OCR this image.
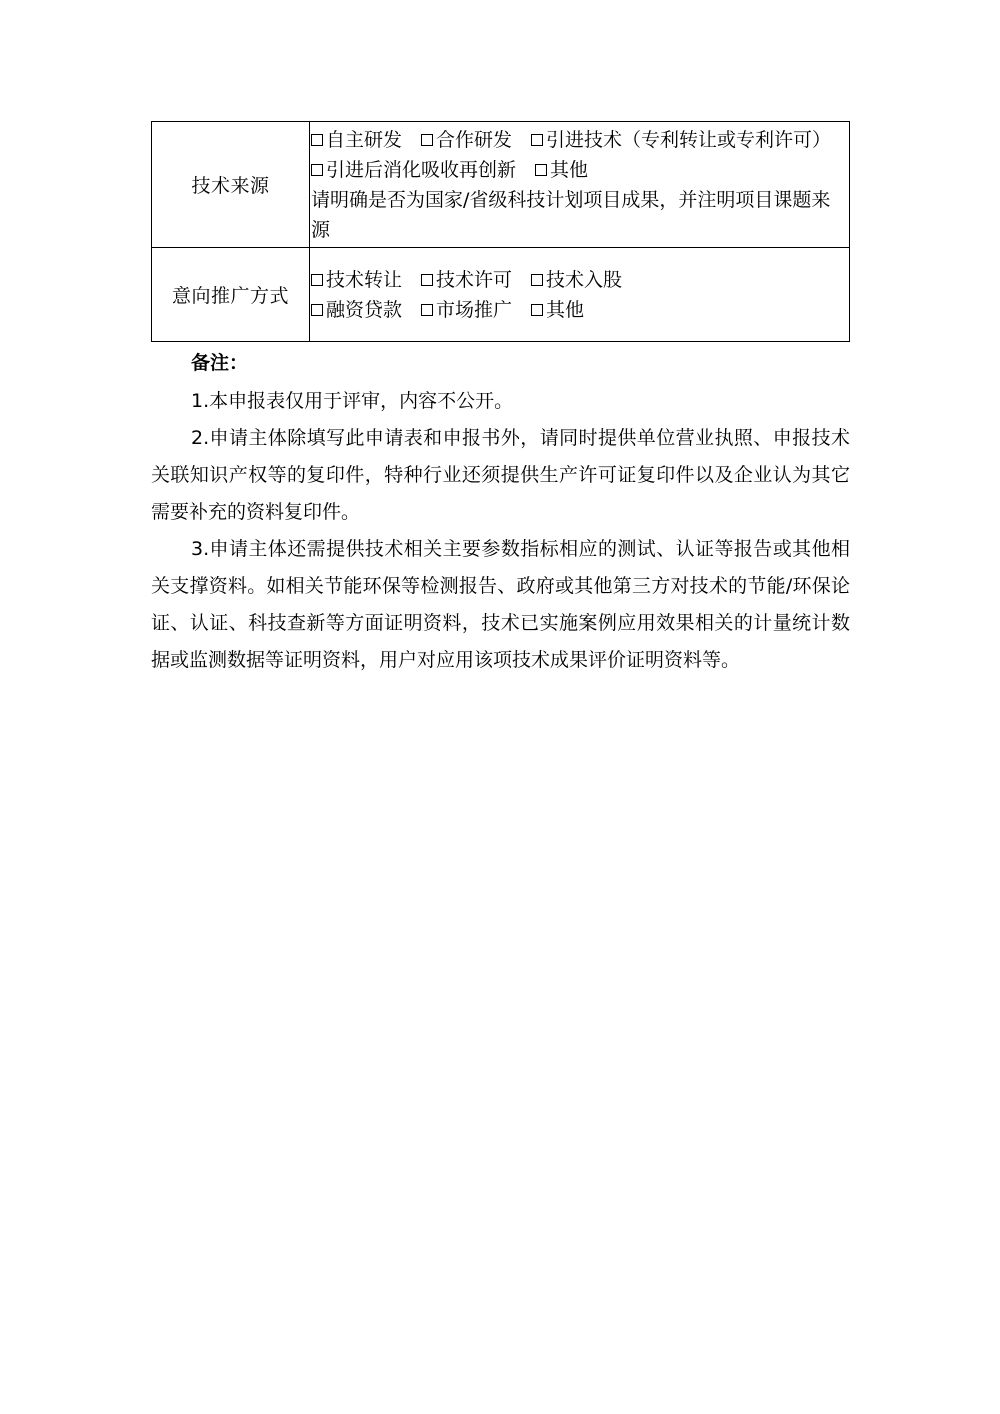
技术来源	自主研发 合作研发 引进技术（专利转让或专利许可）
引进后消化吸收再创新 其他
请明确是否为国家/省级科技计划项目成果，并注明项目课题来源

意向推广方式	技术转让 技术许可 技术入股
融资贷款 市场推广 其他
备注：

1.本申报表仅用于评审，内容不公开。

2.申请主体除填写此申请表和申报书外，请同时提供单位营业执照、申报技术关联知识产权等的复印件，特种行业还须提供生产许可证复印件以及企业认为其它需要补充的资料复印件。

3.申请主体还需提供技术相关主要参数指标相应的测试、认证等报告或其他相关支撑资料。如相关节能环保等检测报告、政府或其他第三方对技术的节能/环保论证、认证、科技查新等方面证明资料，技术已实施案例应用效果相关的计量统计数据或监测数据等证明资料，用户对应用该项技术成果评价证明资料等。
